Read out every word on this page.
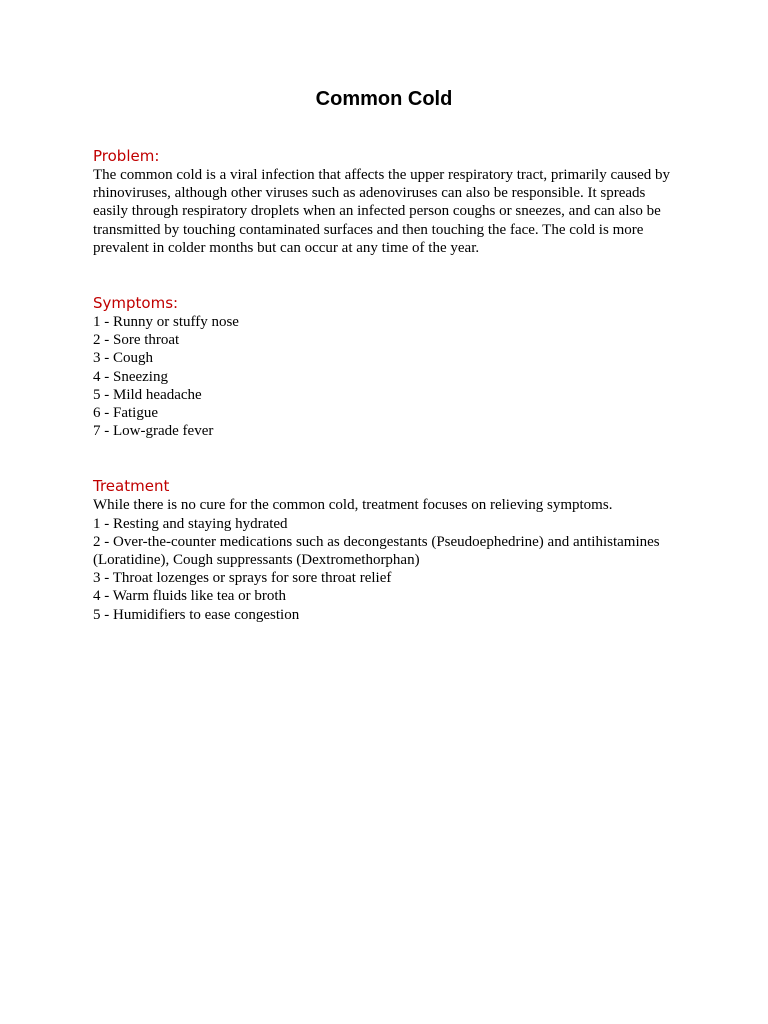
Common Cold

Problem:

The common cold is a viral infection that affects the upper respiratory tract, primarily caused by rhinoviruses, although other viruses such as adenoviruses can also be responsible. It spreads easily through respiratory droplets when an infected person coughs or sneezes, and can also be transmitted by touching contaminated surfaces and then touching the face. The cold is more prevalent in colder months but can occur at any time of the year.

Symptoms:

1 - Runny or stuffy nose

2 - Sore throat

3 - Cough

4 - Sneezing

5 - Mild headache

6 - Fatigue

7 - Low-grade fever

Treatment

While there is no cure for the common cold, treatment focuses on relieving symptoms.

1 - Resting and staying hydrated

2 - Over-the-counter medications such as decongestants (Pseudoephedrine) and antihistamines (Loratidine), Cough suppressants (Dextromethorphan)

3 - Throat lozenges or sprays for sore throat relief

4 - Warm fluids like tea or broth

5 - Humidifiers to ease congestion
